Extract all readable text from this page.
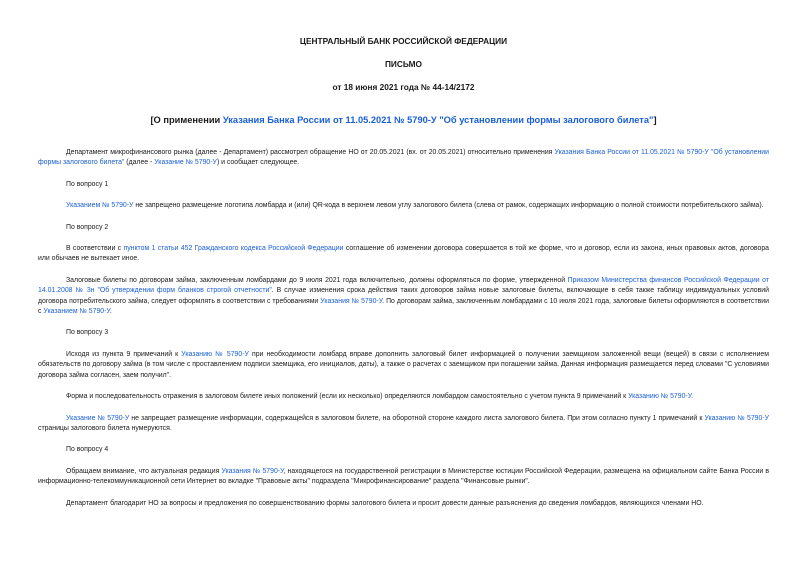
ЦЕНТРАЛЬНЫЙ БАНК РОССИЙСКОЙ ФЕДЕРАЦИИ
ПИСЬМО
от 18 июня 2021 года № 44-14/2172
[О применении Указания Банка России от 11.05.2021 № 5790-У "Об установлении формы залогового билета"]

Департамент микрофинансового рынка (далее - Департамент) рассмотрел обращение НО от 20.05.2021 (вх. от 20.05.2021) относительно применения Указания Банка России от 11.05.2021 № 5790-У "Об установлении формы залогового билета" (далее - Указание № 5790-У) и сообщает следующее.

По вопросу 1

Указанием № 5790-У не запрещено размещение логотипа ломбарда и (или) QR-кода в верхнем левом углу залогового билета (слева от рамок, содержащих информацию о полной стоимости потребительского займа).

По вопросу 2

В соответствии с пунктом 1 статьи 452 Гражданского кодекса Российской Федерации соглашение об изменении договора совершается в той же форме, что и договор, если из закона, иных правовых актов, договора или обычаев не вытекает иное.

Залоговые билеты по договорам займа, заключенным ломбардами до 9 июля 2021 года включительно, должны оформляться по форме, утвержденной Приказом Министерства финансов Российской Федерации от 14.01.2008 № 3н "Об утверждении форм бланков строгой отчетности". В случае изменения срока действия таких договоров займа новые залоговые билеты, включающие в себя также таблицу индивидуальных условий договора потребительского займа, следует оформлять в соответствии с требованиями Указания № 5790-У. По договорам займа, заключенным ломбардами с 10 июля 2021 года, залоговые билеты оформляются в соответствии с Указанием № 5790-У.

По вопросу 3

Исходя из пункта 9 примечаний к Указанию № 5790-У при необходимости ломбард вправе дополнить залоговый билет информацией о получении заемщиком заложенной вещи (вещей) в связи с исполнением обязательств по договору займа (в том числе с проставлением подписи заемщика, его инициалов, даты), а также о расчетах с заемщиком при погашении займа. Данная информация размещается перед словами "С условиями договора займа согласен, заем получил".

Форма и последовательность отражения в залоговом билете иных положений (если их несколько) определяются ломбардом самостоятельно с учетом пункта 9 примечаний к Указанию № 5790-У.

Указание № 5790-У не запрещает размещение информации, содержащейся в залоговом билете, на оборотной стороне каждого листа залогового билета. При этом согласно пункту 1 примечаний к Указанию № 5790-У страницы залогового билета нумеруются.

По вопросу 4

Обращаем внимание, что актуальная редакция Указания № 5790-У, находящегося на государственной регистрации в Министерстве юстиции Российской Федерации, размещена на официальном сайте Банка России в информационно-телекоммуникационной сети Интернет во вкладке "Правовые акты" подраздела "Микрофинансирование" раздела "Финансовые рынки".

Департамент благодарит НО за вопросы и предложения по совершенствованию формы залогового билета и просит довести данные разъяснения до сведения ломбардов, являющихся членами НО.
